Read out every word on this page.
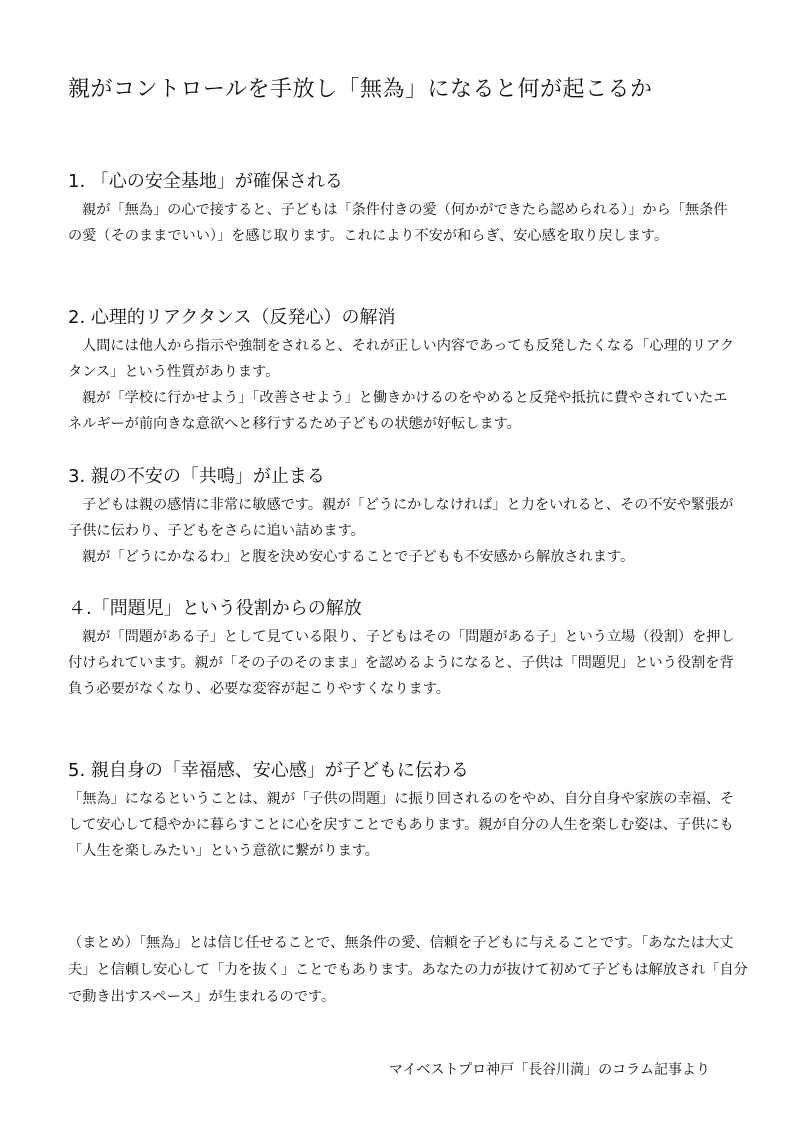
親がコントロールを手放し「無為」になると何が起こるか
1. 「心の安全基地」が確保される

親が「無為」の心で接すると、子どもは「条件付きの愛（何かができたら認められる）」から「無条件の愛（そのままでいい）」を感じ取ります。これにより不安が和らぎ、安心感を取り戻します。

2. 心理的リアクタンス（反発心）の解消

人間には他人から指示や強制をされると、それが正しい内容であっても反発したくなる「心理的リアクタンス」という性質があります。

親が「学校に行かせよう」「改善させよう」と働きかけるのをやめると反発や抵抗に費やされていたエネルギーが前向きな意欲へと移行するため子どもの状態が好転します。

3. 親の不安の「共鳴」が止まる

子どもは親の感情に非常に敏感です。親が「どうにかしなければ」と力をいれると、その不安や緊張が子供に伝わり、子どもをさらに追い詰めます。

親が「どうにかなるわ」と腹を決め安心することで子どもも不安感から解放されます。

４.「問題児」という役割からの解放

親が「問題がある子」として見ている限り、子どもはその「問題がある子」という立場（役割）を押し付けられています。親が「その子のそのまま」を認めるようになると、子供は「問題児」という役割を背負う必要がなくなり、必要な変容が起こりやすくなります。

5. 親自身の「幸福感、安心感」が子どもに伝わる

「無為」になるということは、親が「子供の問題」に振り回されるのをやめ、自分自身や家族の幸福、そして安心して穏やかに暮らすことに心を戻すことでもあります。親が自分の人生を楽しむ姿は、子供にも「人生を楽しみたい」という意欲に繋がります。

（まとめ）「無為」とは信じ任せることで、無条件の愛、信頼を子どもに与えることです。「あなたは大丈夫」と信頼し安心して「力を抜く」ことでもあります。あなたの力が抜けて初めて子どもは解放され「自分で動き出すスペース」が生まれるのです。

マイベストプロ神戸「長谷川満」のコラム記事より
